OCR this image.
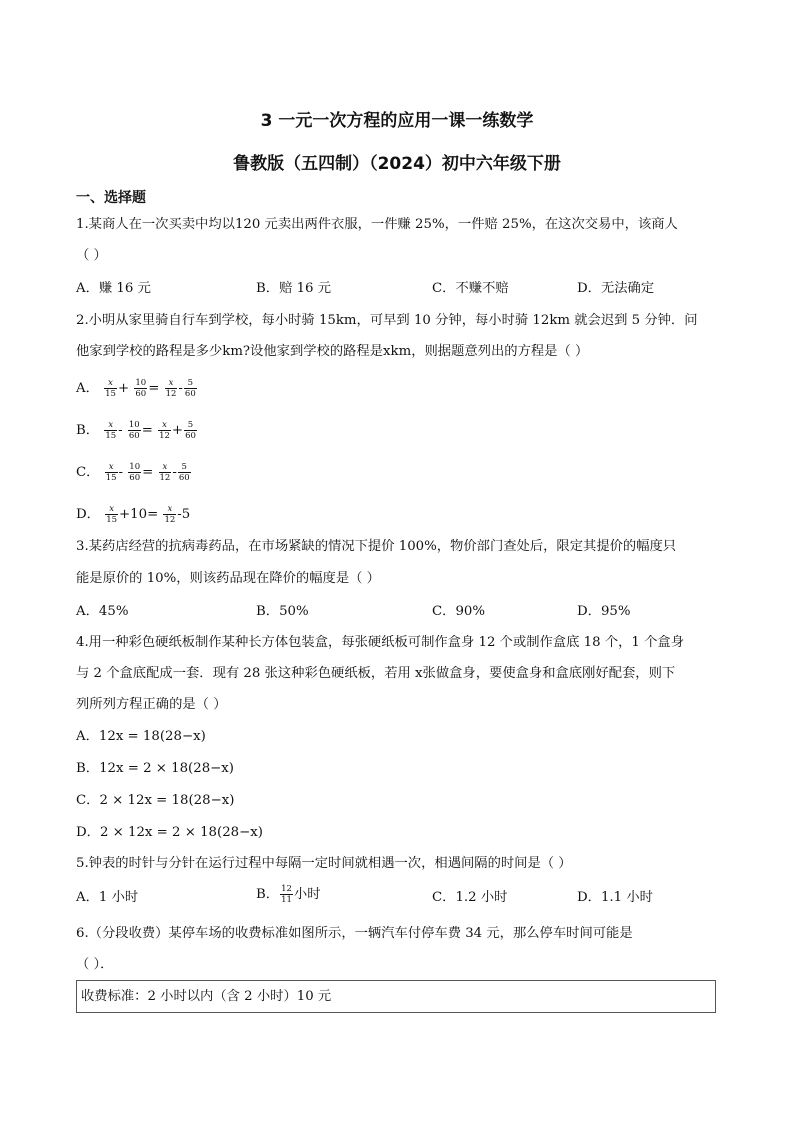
3 一元一次方程的应用一课一练数学
鲁教版（五四制）（2024）初中六年级下册
一、选择题
1.某商人在一次买卖中均以120 元卖出两件衣服，一件赚 25%，一件赔 25%，在这次交易中，该商人
（ ）
A．赚 16 元	B．赔 16 元	C．不赚不赔	D．无法确定
2.小明从家里骑自行车到学校，每小时骑 15km，可早到 10 分钟，每小时骑 12km 就会迟到 5 分钟．问
他家到学校的路程是多少km?设他家到学校的路程是xkm，则据题意列出的方程是（ ）
A． $\frac{x}{15} + \frac{10}{60} = \frac{x}{12} - \frac{5}{60}$
B． $\frac{x}{15} - \frac{10}{60} = \frac{x}{12} + \frac{5}{60}$
C． $\frac{x}{15} - \frac{10}{60} = \frac{x}{12} - \frac{5}{60}$
D． $\frac{x}{15} +10= \frac{x}{12} -5$
3.某药店经营的抗病毒药品，在市场紧缺的情况下提价 100%，物价部门查处后，限定其提价的幅度只
能是原价的 10%，则该药品现在降价的幅度是（ ）
A．45%	B．50%	C．90%	D．95%
4.用一种彩色硬纸板制作某种长方体包装盒，每张硬纸板可制作盒身 12 个或制作盒底 18 个，1 个盒身
与 2 个盒底配成一套．现有 28 张这种彩色硬纸板，若用 x张做盒身，要使盒身和盒底刚好配套，则下
列所列方程正确的是（ ）
A．12x = 18(28−x)
B．12x = 2 × 18(28−x)
C．2 × 12x = 18(28−x)
D．2 × 12x = 2 × 18(28−x)
5.钟表的时针与分针在运行过程中每隔一定时间就相遇一次，相遇间隔的时间是（ ）
A．1 小时	B． $\frac{12}{11}$ 小时	C．1.2 小时	D．1.1 小时
6.（分段收费）某停车场的收费标准如图所示，一辆汽车付停车费 34 元，那么停车时间可能是
（ ）．
收费标准：2 小时以内（含 2 小时）10 元
